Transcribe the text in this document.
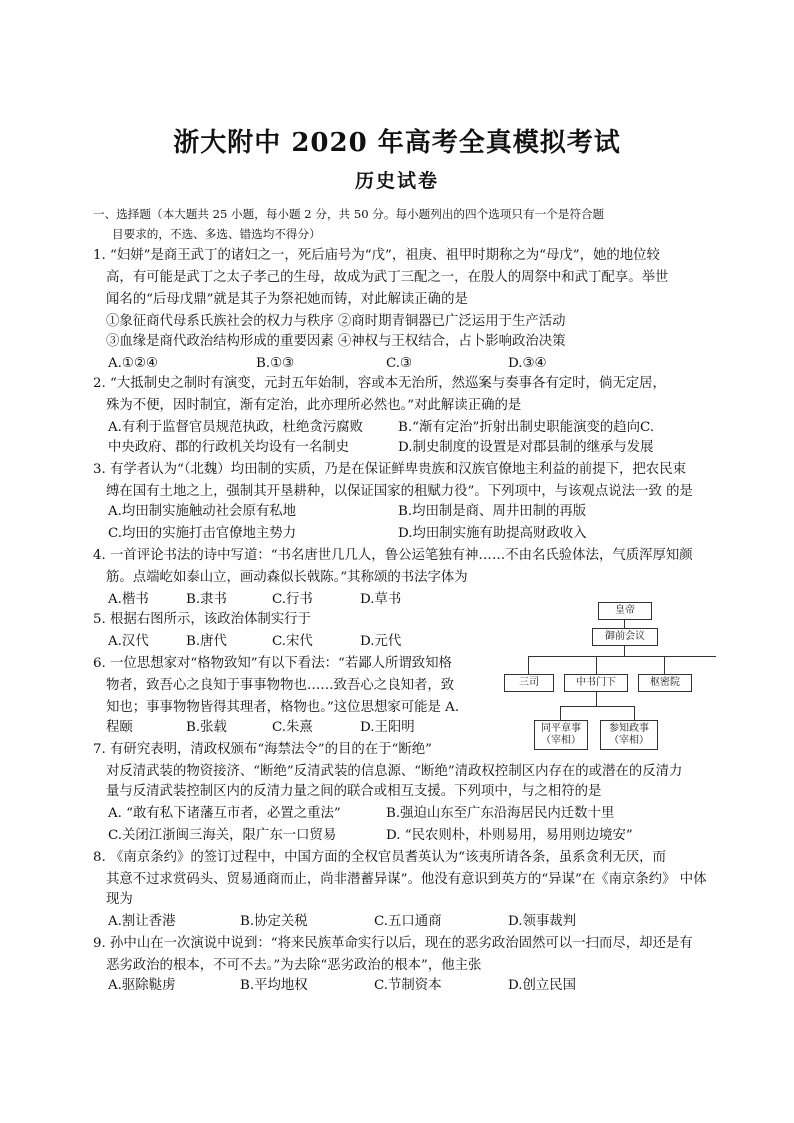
浙大附中 2020 年高考全真模拟考试
历史试卷
一、选择题（本大题共 25 小题，每小题 2 分，共 50 分。每小题列出的四个选项只有一个是符合题
目要求的，不选、多选、错选均不得分）
1. “妇姘”是商王武丁的诸妇之一，死后庙号为“戊”，祖庚、祖甲时期称之为“母戊”，她的地位较
高，有可能是武丁之太子孝己的生母，故成为武丁三配之一，在殷人的周祭中和武丁配享。举世
闻名的“后母戊鼎”就是其子为祭祀她而铸，对此解读正确的是
①象征商代母系氏族社会的权力与秩序 ②商时期青铜器已广泛运用于生产活动
③血缘是商代政治结构形成的重要因素 ④神权与王权结合，占卜影响政治决策
A.①②④	B.①③	C.③	D.③④
2. “大抵制史之制时有演变，元封五年始制，容或本无治所，然巡案与奏事各有定时，倘无定居，
殊为不便，因时制宜，渐有定治，此亦理所必然也。”对此解读正确的是
A.有利于监督官员规范执政，杜绝贪污腐败	B.“渐有定治”折射出制史职能演变的趋向C.
中央政府、郡的行政机关均设有一名制史	D.制史制度的设置是对郡县制的继承与发展
3. 有学者认为“（北魏）均田制的实质，乃是在保证鲜卑贵族和汉族官僚地主利益的前提下，把农民束
缚在国有土地之上，强制其开垦耕种，以保证国家的租赋力役”。下列项中，与该观点说法一致 的是
A.均田制实施触动社会原有私地	B.均田制是商、周井田制的再版
C.均田的实施打击官僚地主势力	D.均田制实施有助提高财政收入
4. 一首评论书法的诗中写道：“书名唐世几几人，鲁公运笔独有神……不由名氏验体法，气质浑厚知颜
筋。点端屹如泰山立，画动森似长戟陈。”其称颂的书法字体为
A.楷书	B.隶书	C.行书	D.草书
5. 根据右图所示，该政治体制实行于
A.汉代	B.唐代	C.宋代	D.元代
6. 一位思想家对“格物致知”有以下看法：“若鄙人所谓致知格
物者，致吾心之良知于事事物物也……致吾心之良知者，致
知也；事事物物皆得其理者，格物也。”这位思想家可能是 A.
程颐	B.张载	C.朱熹	D.王阳明
7. 有研究表明，清政权颁布“海禁法令”的目的在于“断绝”
对反清武装的物资接济、“断绝”反清武装的信息源、“断绝”清政权控制区内存在的或潜在的反清力
量与反清武装控制区内的反清力量之间的联合或相互支援。下列项中，与之相符的是
A. “敢有私下诸藩互市者，必置之重法”	B.强迫山东至广东沿海居民内迁数十里
C.关闭江浙闽三海关，限广东一口贸易	D. “民农则朴，朴则易用，易用则边境安”
8. 《南京条约》的签订过程中，中国方面的全权官员耆英认为“该夷所请各条，虽系贪利无厌，而
其意不过求赏码头、贸易通商而止，尚非潜蓄异谋”。他没有意识到英方的“异谋”在《南京条约》 中体
现为
A.割让香港	B.协定关税	C.五口通商	D.领事裁判
9. 孙中山在一次演说中说到：“将来民族革命实行以后，现在的恶劣政治固然可以一扫而尽，却还是有
恶劣政治的根本，不可不去。”为去除“恶劣政治的根本”，他主张
A.驱除鞑虏	B.平均地权	C.节制资本	D.创立民国
皇帝
御前会议
三司	中书门下	枢密院
同平章事
（宰相）
参知政事
（宰相）
